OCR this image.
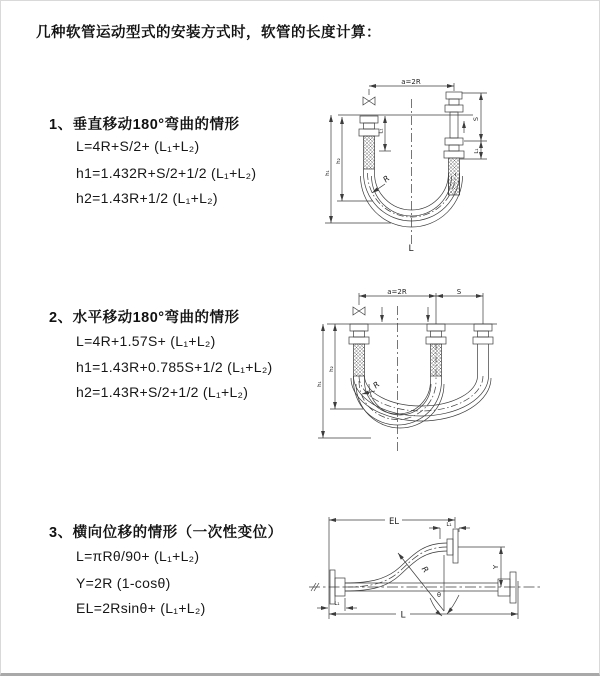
几种软管运动型式的安装方式时，软管的长度计算：
1、垂直移动180°弯曲的情形
L=4R+S/2+ (L₁+L₂)
h1=1.432R+S/2+1/2 (L₁+L₂)
h2=1.43R+1/2 (L₁+L₂)
2、水平移动180°弯曲的情形
L=4R+1.57S+ (L₁+L₂)
h1=1.43R+0.785S+1/2 (L₁+L₂)
h2=1.43R+S/2+1/2 (L₁+L₂)
3、横向位移的情形（一次性变位）
L=πRθ/90+ (L₁+L₂)
Y=2R (1-cosθ)
EL=2Rsinθ+ (L₁+L₂)
a=2R
S
L₁
L₁
h₁
h₂
R
L
a=2R	S
h₁
h₂
R
EL	L₁
Y
R
θ
L
L₁
